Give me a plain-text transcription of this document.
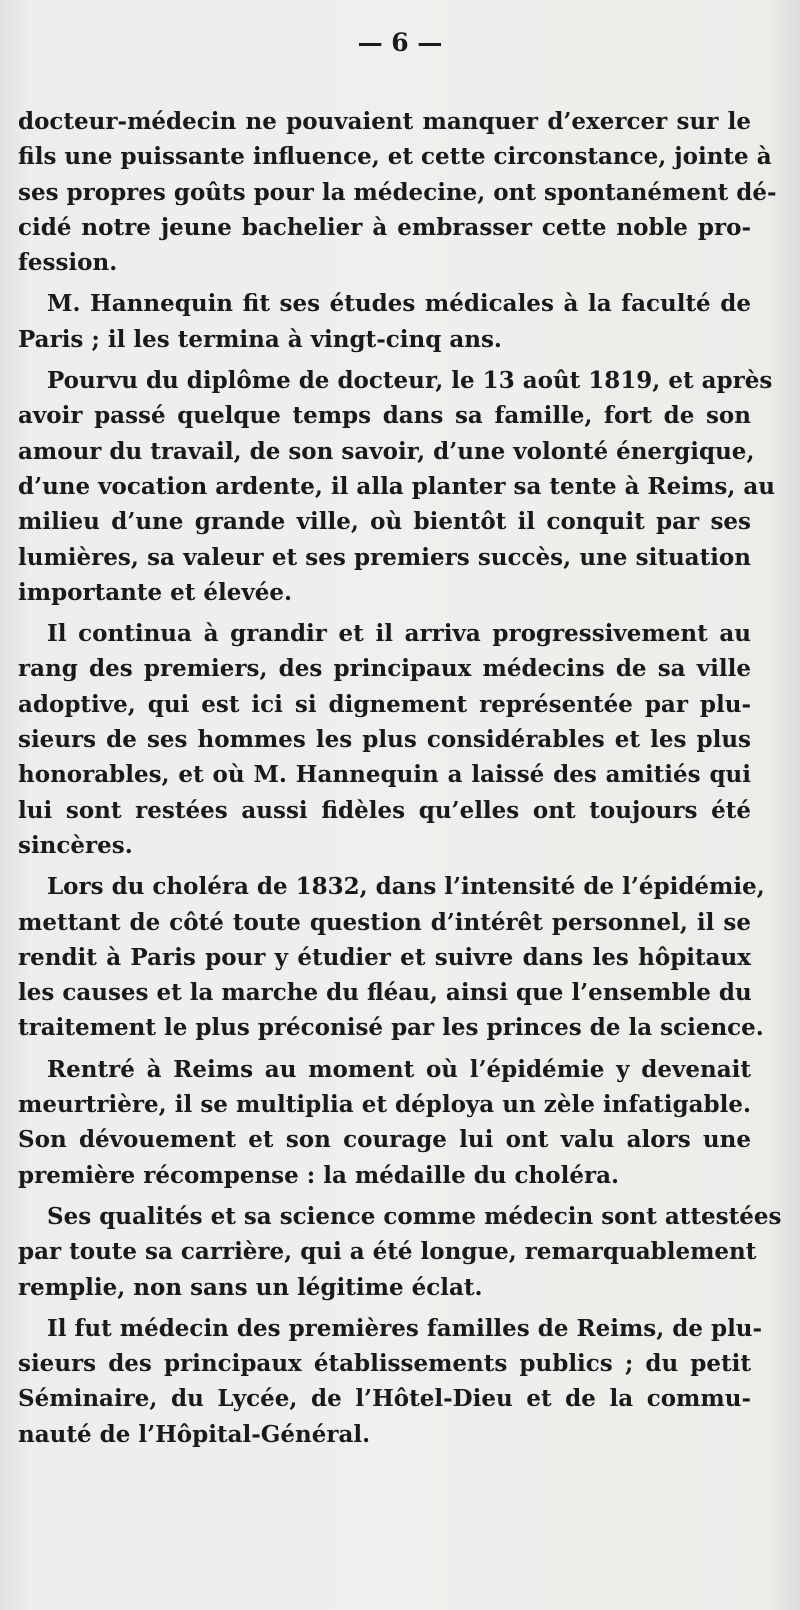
— 6 —
docteur-médecin ne pouvaient manquer d’exercer sur le
fils une puissante influence, et cette circonstance, jointe à
ses propres goûts pour la médecine, ont spontanément dé-
cidé notre jeune bachelier à embrasser cette noble pro-
fession.
M. Hannequin fit ses études médicales à la faculté de
Paris ; il les termina à vingt-cinq ans.
Pourvu du diplôme de docteur, le 13 août 1819, et après
avoir passé quelque temps dans sa famille, fort de son
amour du travail, de son savoir, d’une volonté énergique,
d’une vocation ardente, il alla planter sa tente à Reims, au
milieu d’une grande ville, où bientôt il conquit par ses
lumières, sa valeur et ses premiers succès, une situation
importante et élevée.
Il continua à grandir et il arriva progressivement au
rang des premiers, des principaux médecins de sa ville
adoptive, qui est ici si dignement représentée par plu-
sieurs de ses hommes les plus considérables et les plus
honorables, et où M. Hannequin a laissé des amitiés qui
lui sont restées aussi fidèles qu’elles ont toujours été
sincères.
Lors du choléra de 1832, dans l’intensité de l’épidémie,
mettant de côté toute question d’intérêt personnel, il se
rendit à Paris pour y étudier et suivre dans les hôpitaux
les causes et la marche du fléau, ainsi que l’ensemble du
traitement le plus préconisé par les princes de la science.
Rentré à Reims au moment où l’épidémie y devenait
meurtrière, il se multiplia et déploya un zèle infatigable.
Son dévouement et son courage lui ont valu alors une
première récompense : la médaille du choléra.
Ses qualités et sa science comme médecin sont attestées
par toute sa carrière, qui a été longue, remarquablement
remplie, non sans un légitime éclat.
Il fut médecin des premières familles de Reims, de plu-
sieurs des principaux établissements publics ; du petit
Séminaire, du Lycée, de l’Hôtel-Dieu et de la commu-
nauté de l’Hôpital-Général.
